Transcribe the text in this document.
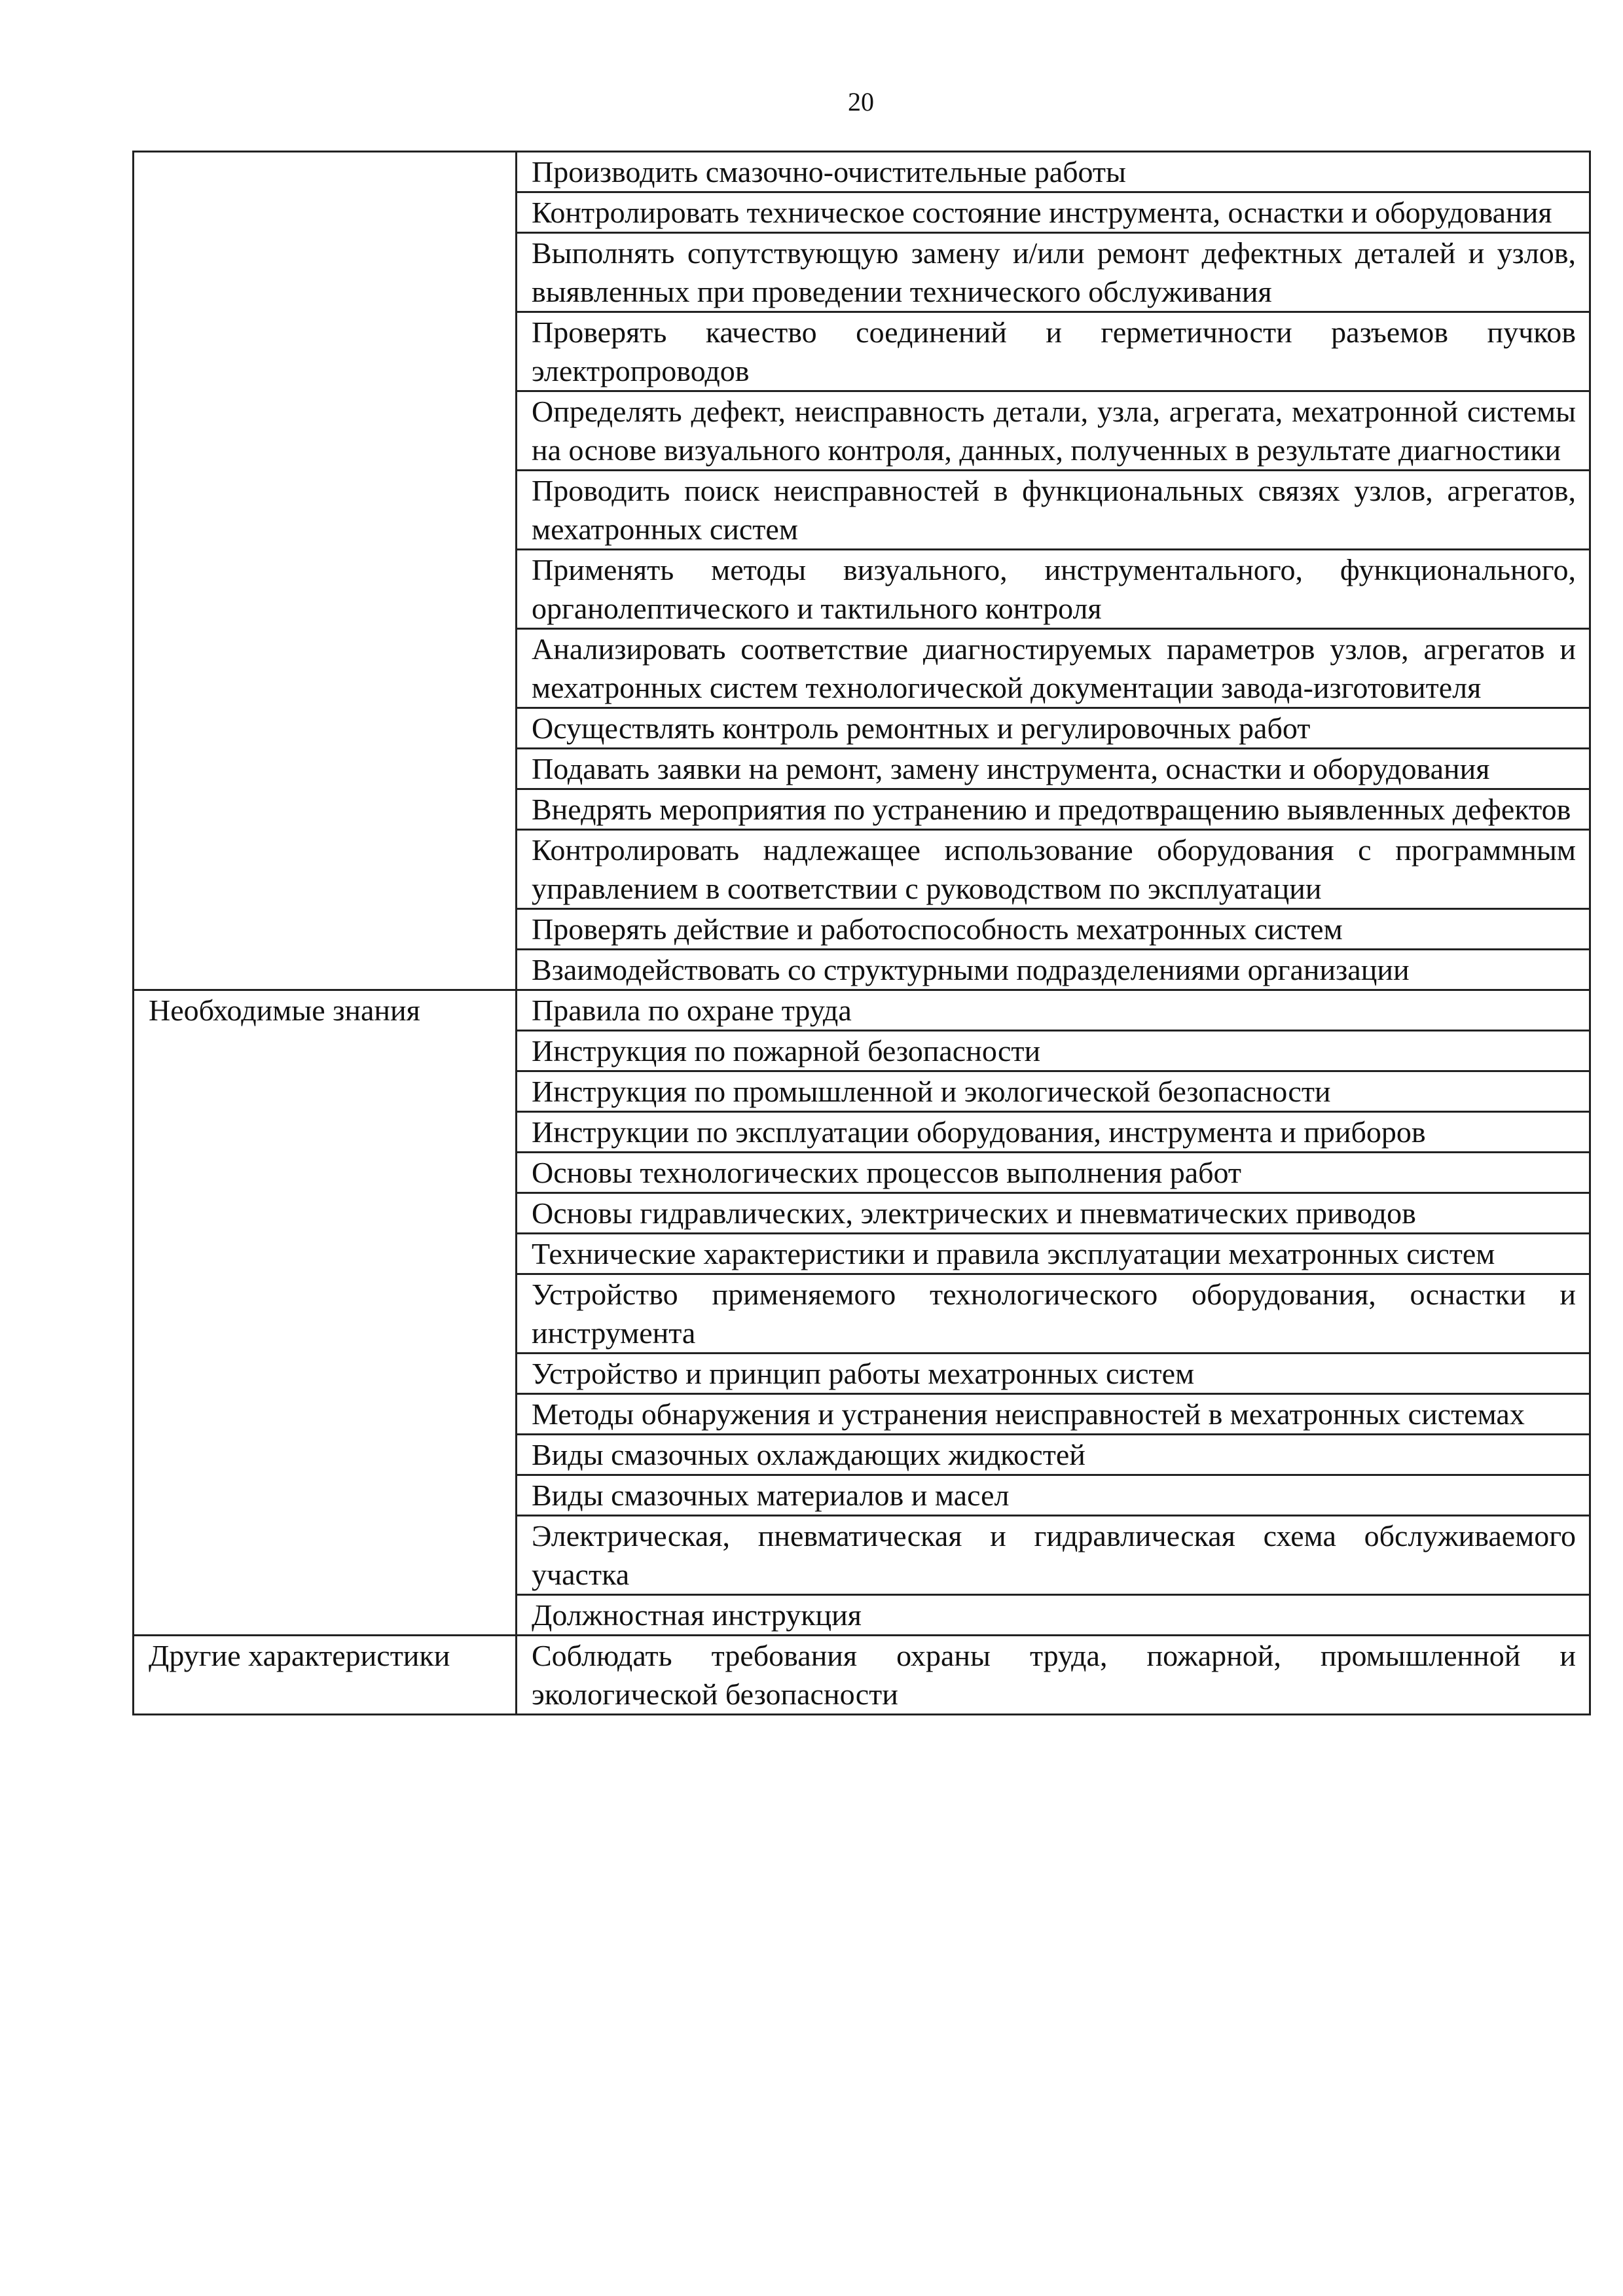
20
	Производить смазочно-очистительные работы
	Контролировать техническое состояние инструмента, оснастки и оборудования
	Выполнять сопутствующую замену и/или ремонт дефектных деталей и узлов, выявленных при проведении технического обслуживания
	Проверять качество соединений и герметичности разъемов пучков электропроводов
	Определять дефект, неисправность детали, узла, агрегата, мехатронной системы на основе визуального контроля, данных, полученных в результате диагностики
	Проводить поиск неисправностей в функциональных связях узлов, агрегатов, мехатронных систем
	Применять методы визуального, инструментального, функционального, органолептического и тактильного контроля
	Анализировать соответствие диагностируемых параметров узлов, агрегатов и мехатронных систем технологической документации завода-изготовителя
	Осуществлять контроль ремонтных и регулировочных работ
	Подавать заявки на ремонт, замену инструмента, оснастки и оборудования
	Внедрять мероприятия по устранению и предотвращению выявленных дефектов
	Контролировать надлежащее использование оборудования с программным управлением в соответствии с руководством по эксплуатации
	Проверять действие и работоспособность мехатронных систем
	Взаимодействовать со структурными подразделениями организации
Необходимые знания	Правила по охране труда
	Инструкция по пожарной безопасности
	Инструкция по промышленной и экологической безопасности
	Инструкции по эксплуатации оборудования, инструмента и приборов
	Основы технологических процессов выполнения работ
	Основы гидравлических, электрических и пневматических приводов
	Технические характеристики и правила эксплуатации мехатронных систем
	Устройство применяемого технологического оборудования, оснастки и инструмента
	Устройство и принцип работы мехатронных систем
	Методы обнаружения и устранения неисправностей в мехатронных системах
	Виды смазочных охлаждающих жидкостей
	Виды смазочных материалов и масел
	Электрическая, пневматическая и гидравлическая схема обслуживаемого участка
	Должностная инструкция
Другие характеристики	Соблюдать требования охраны труда, пожарной, промышленной и экологической безопасности
